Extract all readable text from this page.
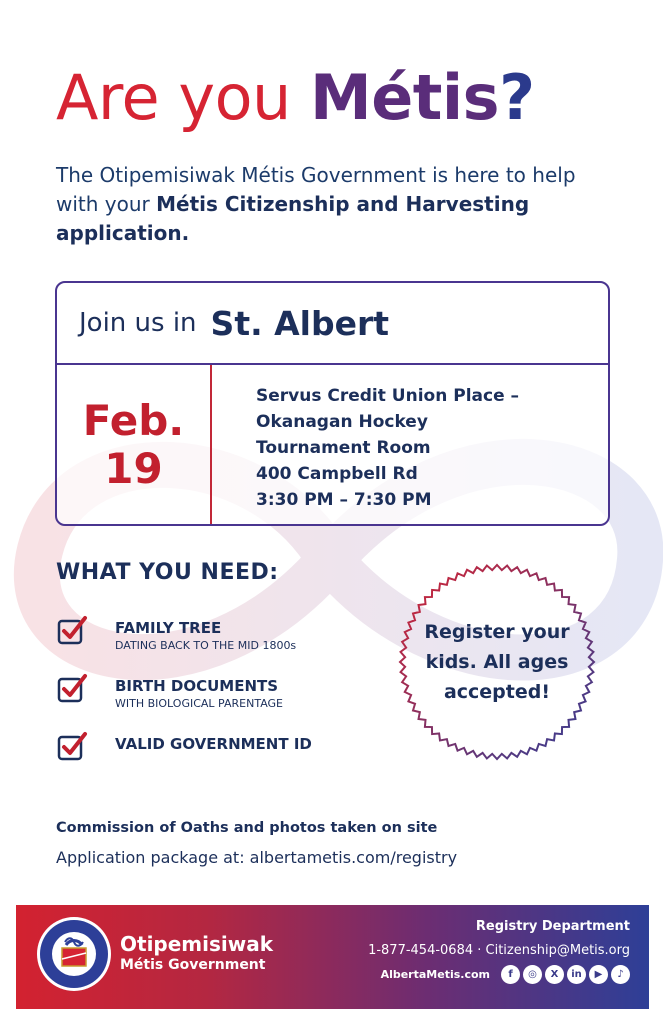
Are you Métis?
The Otipemisiwak Métis Government is here to help with your Métis Citizenship and Harvesting application.
Join us in St. Albert
Feb.
19
Servus Credit Union Place –
Okanagan Hockey
Tournament Room
400 Campbell Rd
3:30 PM – 7:30 PM
WHAT YOU NEED:
FAMILY TREE
DATING BACK TO THE MID 1800s
BIRTH DOCUMENTS
WITH BIOLOGICAL PARENTAGE
VALID GOVERNMENT ID
Register your kids. All ages accepted!
Commission of Oaths and photos taken on site
Application package at: albertametis.com/registry
Otipemisiwak
Métis Government
Registry Department
1-877-454-0684 · Citizenship@Metis.org
AlbertaMetis.com	f	◎	X	in	▶	♪
